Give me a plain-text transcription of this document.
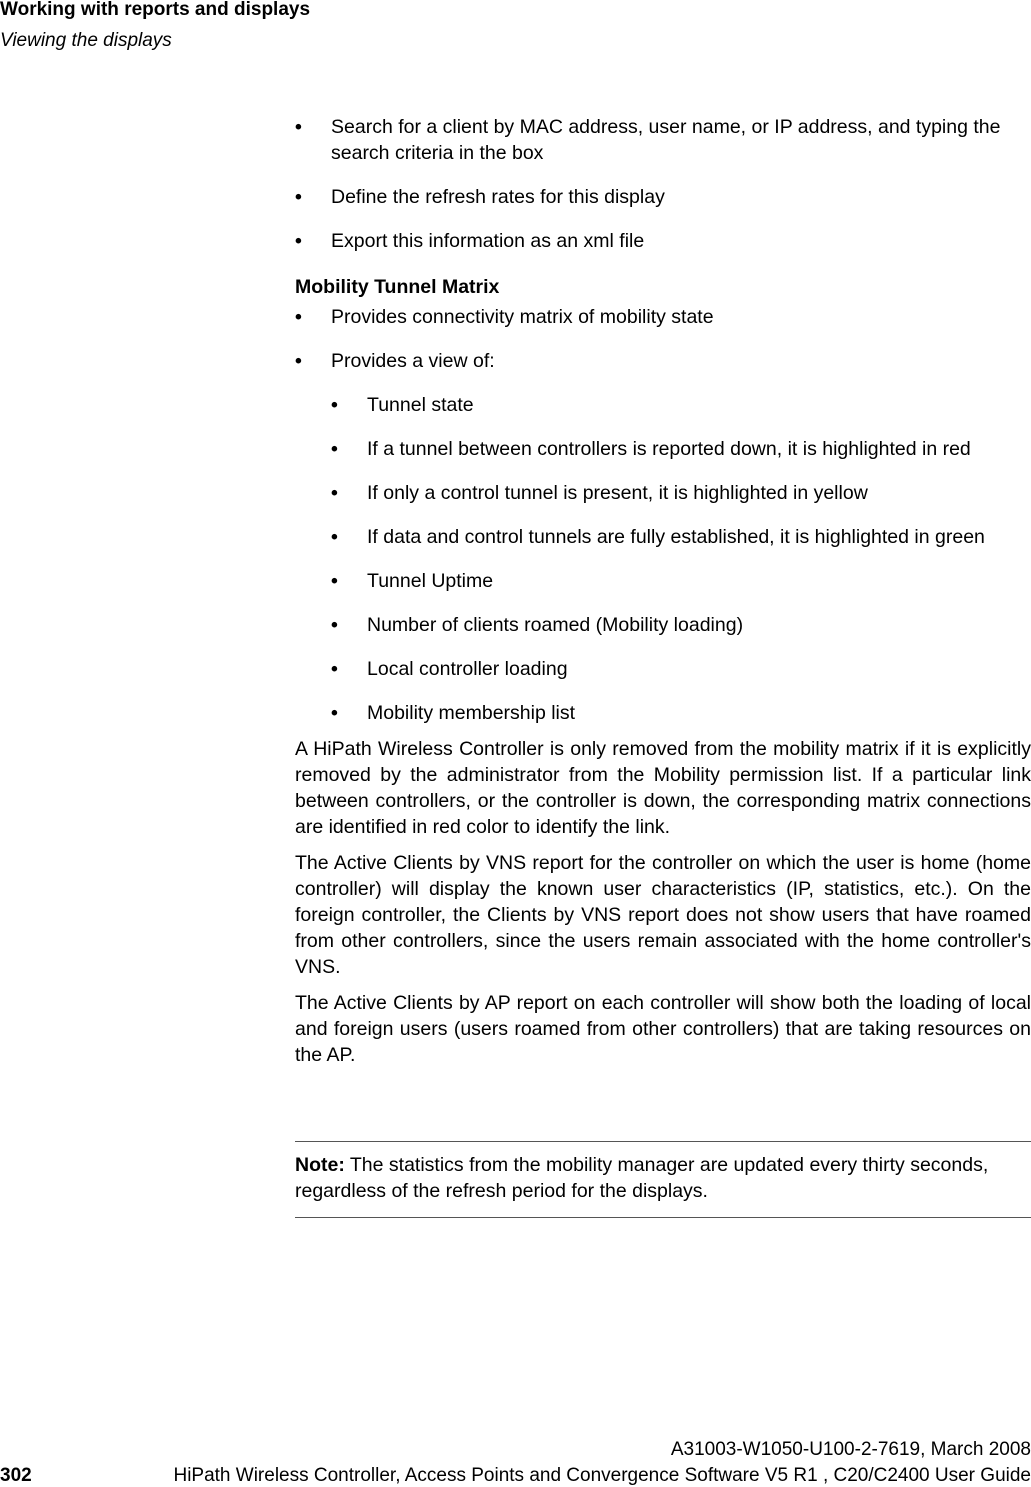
Working with reports and displays
Viewing the displays
• Search for a client by MAC address, user name, or IP address, and typing the search criteria in the box
• Define the refresh rates for this display
• Export this information as an xml file
Mobility Tunnel Matrix
• Provides connectivity matrix of mobility state
• Provides a view of:
• Tunnel state
• If a tunnel between controllers is reported down, it is highlighted in red
• If only a control tunnel is present, it is highlighted in yellow
• If data and control tunnels are fully established, it is highlighted in green
• Tunnel Uptime
• Number of clients roamed (Mobility loading)
• Local controller loading
• Mobility membership list

A HiPath Wireless Controller is only removed from the mobility matrix if it is explicitly removed by the administrator from the Mobility permission list. If a particular link between controllers, or the controller is down, the corresponding matrix connections are identified in red color to identify the link.

The Active Clients by VNS report for the controller on which the user is home (home controller) will display the known user characteristics (IP, statistics, etc.). On the foreign controller, the Clients by VNS report does not show users that have roamed from other controllers, since the users remain associated with the home controller's VNS.

The Active Clients by AP report on each controller will show both the loading of local and foreign users (users roamed from other controllers) that are taking resources on the AP.

Note: The statistics from the mobility manager are updated every thirty seconds, regardless of the refresh period for the displays.
A31003-W1050-U100-2-7619, March 2008
302	HiPath Wireless Controller, Access Points and Convergence Software V5 R1 , C20/C2400 User Guide
